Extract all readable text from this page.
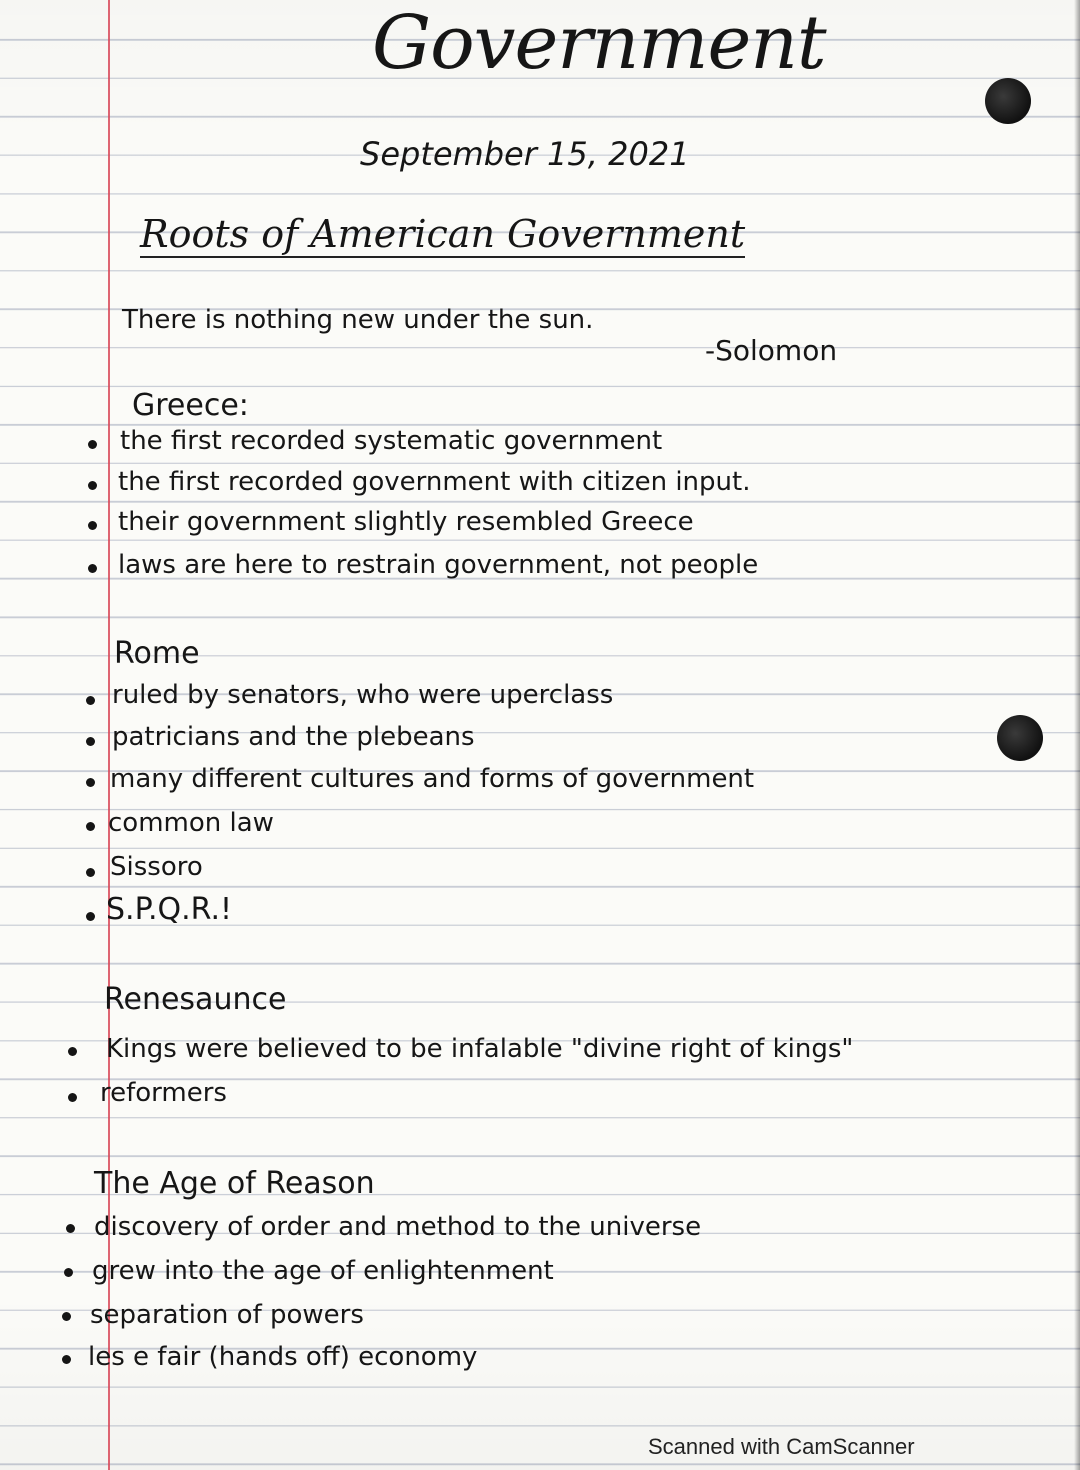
Government
September 15, 2021
Roots of American Government
There is nothing new under the sun.
-Solomon
Greece:
the first recorded systematic government
the first recorded government with citizen input.
their government slightly resembled Greece
laws are here to restrain government, not people
Rome
ruled by senators, who were uperclass
patricians and the plebeans
many different cultures and forms of government
common law
Sissoro
S.P.Q.R.!
Renesaunce
Kings were believed to be infalable "divine right of kings"
reformers
The Age of Reason
discovery of order and method to the universe
grew into the age of enlightenment
separation of powers
les e fair (hands off) economy
Scanned with CamScanner
